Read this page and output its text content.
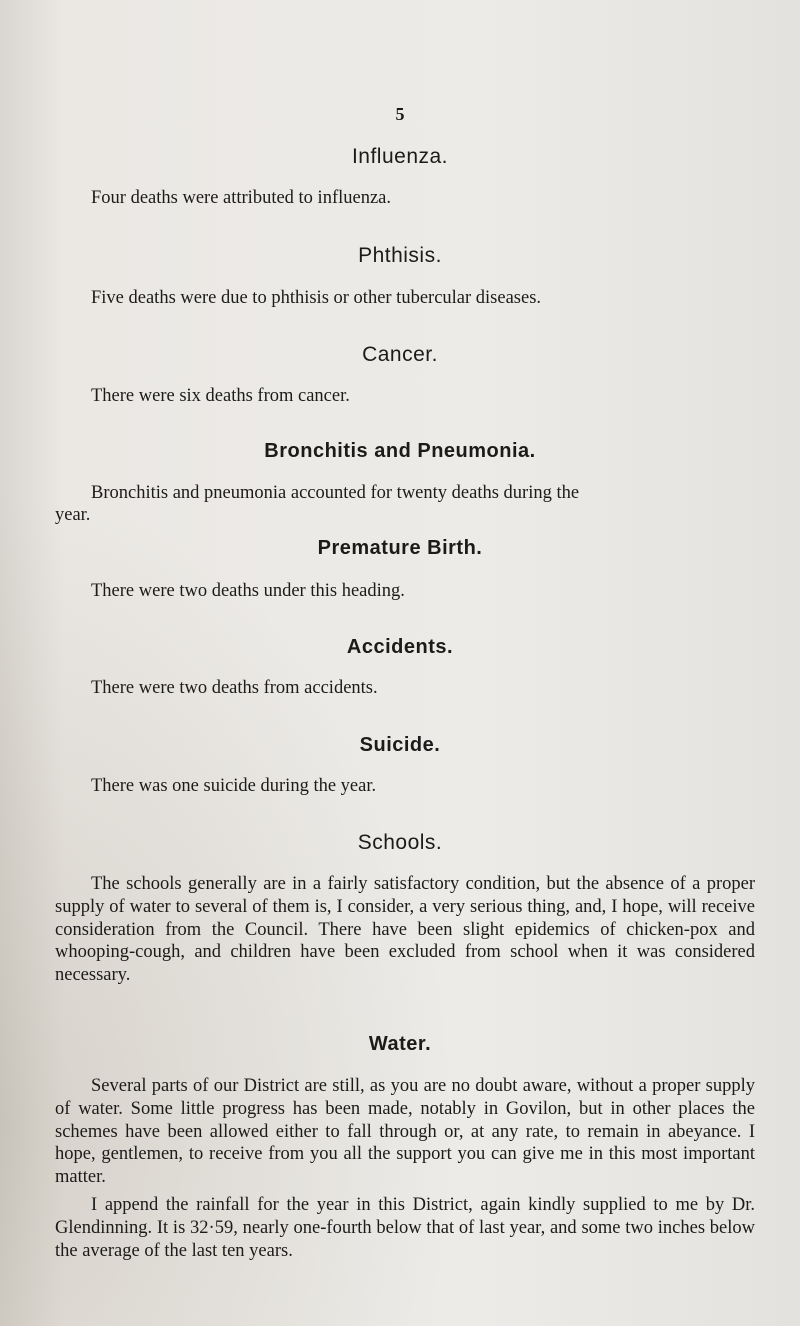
5
Influenza.
Four deaths were attributed to influenza.
Phthisis.
Five deaths were due to phthisis or other tubercular diseases.
Cancer.
There were six deaths from cancer.
Bronchitis and Pneumonia.
Bronchitis and pneumonia accounted for twenty deaths during the
year.
Premature Birth.
There were two deaths under this heading.
Accidents.
There were two deaths from accidents.
Suicide.
There was one suicide during the year.
Schools.
The schools generally are in a fairly satisfactory condition, but the absence of a proper supply of water to several of them is, I consider, a very serious thing, and, I hope, will receive consideration from the Council. There have been slight epidemics of chicken-pox and whooping-cough, and children have been excluded from school when it was considered necessary.
Water.
Several parts of our District are still, as you are no doubt aware, without a proper supply of water. Some little progress has been made, notably in Govilon, but in other places the schemes have been allowed either to fall through or, at any rate, to remain in abeyance. I hope, gentlemen, to receive from you all the support you can give me in this most important matter.
I append the rainfall for the year in this District, again kindly supplied to me by Dr. Glendinning. It is 32·59, nearly one-fourth below that of last year, and some two inches below the average of the last ten years.
